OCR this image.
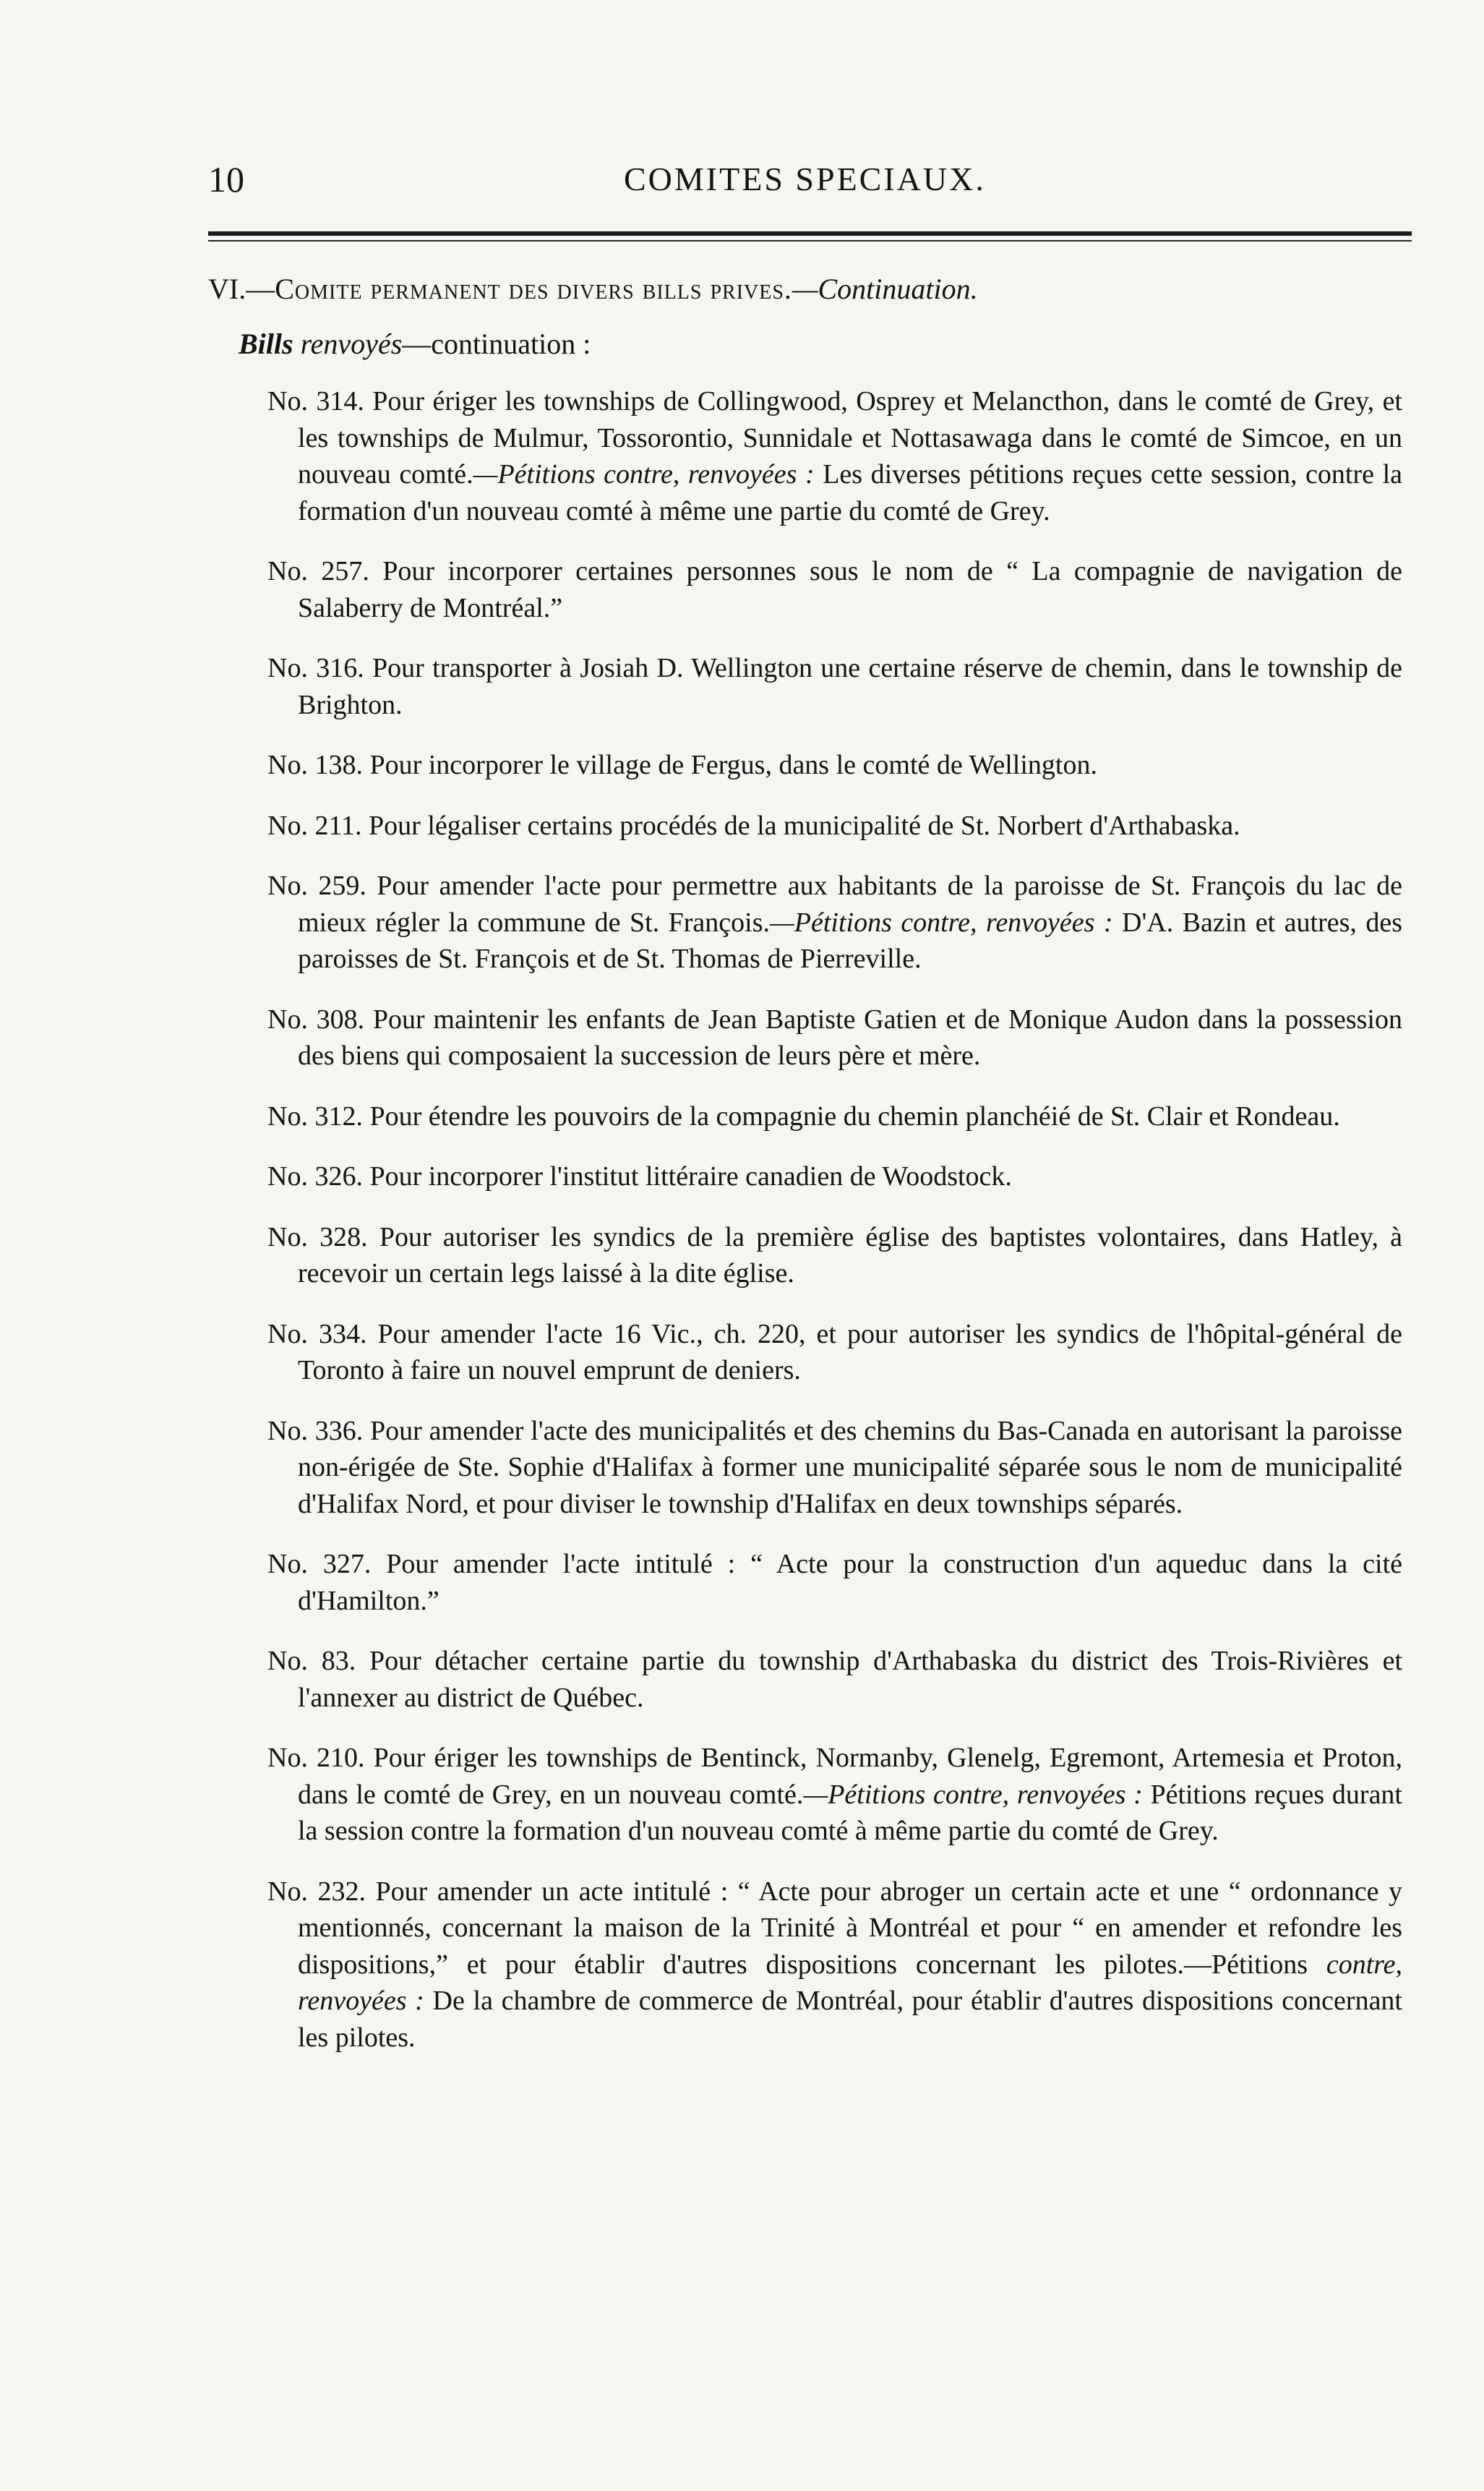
10	COMITES SPECIAUX.
VI.—Comite permanent des divers bills prives.—Continuation.
Bills renvoyés—continuation :

No. 314. Pour ériger les townships de Collingwood, Osprey et Melancthon, dans le comté de Grey, et les townships de Mulmur, Tossorontio, Sunnidale et Nottasawaga dans le comté de Simcoe, en un nouveau comté.—Pétitions contre, renvoyées : Les diverses pétitions reçues cette session, contre la formation d'un nouveau comté à même une partie du comté de Grey.

No. 257. Pour incorporer certaines personnes sous le nom de “ La compagnie de navigation de Salaberry de Montréal.”

No. 316. Pour transporter à Josiah D. Wellington une certaine réserve de chemin, dans le township de Brighton.

No. 138. Pour incorporer le village de Fergus, dans le comté de Wellington.

No. 211. Pour légaliser certains procédés de la municipalité de St. Norbert d'Arthabaska.

No. 259. Pour amender l'acte pour permettre aux habitants de la paroisse de St. François du lac de mieux régler la commune de St. François.—Pétitions contre, renvoyées : D'A. Bazin et autres, des paroisses de St. François et de St. Thomas de Pierreville.

No. 308. Pour maintenir les enfants de Jean Baptiste Gatien et de Monique Audon dans la possession des biens qui composaient la succession de leurs père et mère.

No. 312. Pour étendre les pouvoirs de la compagnie du chemin planchéié de St. Clair et Rondeau.

No. 326. Pour incorporer l'institut littéraire canadien de Woodstock.

No. 328. Pour autoriser les syndics de la première église des baptistes volontaires, dans Hatley, à recevoir un certain legs laissé à la dite église.

No. 334. Pour amender l'acte 16 Vic., ch. 220, et pour autoriser les syndics de l'hôpital-général de Toronto à faire un nouvel emprunt de deniers.

No. 336. Pour amender l'acte des municipalités et des chemins du Bas-Canada en autorisant la paroisse non-érigée de Ste. Sophie d'Halifax à former une municipalité séparée sous le nom de municipalité d'Halifax Nord, et pour diviser le township d'Halifax en deux townships séparés.

No. 327. Pour amender l'acte intitulé : “ Acte pour la construction d'un aqueduc dans la cité d'Hamilton.”

No. 83. Pour détacher certaine partie du township d'Arthabaska du district des Trois-Rivières et l'annexer au district de Québec.

No. 210. Pour ériger les townships de Bentinck, Normanby, Glenelg, Egremont, Artemesia et Proton, dans le comté de Grey, en un nouveau comté.—Pétitions contre, renvoyées : Pétitions reçues durant la session contre la formation d'un nouveau comté à même partie du comté de Grey.

No. 232. Pour amender un acte intitulé : “ Acte pour abroger un certain acte et une “ ordonnance y mentionnés, concernant la maison de la Trinité à Montréal et pour “ en amender et refondre les dispositions,” et pour établir d'autres dispositions concernant les pilotes.—Pétitions contre, renvoyées : De la chambre de commerce de Montréal, pour établir d'autres dispositions concernant les pilotes.
